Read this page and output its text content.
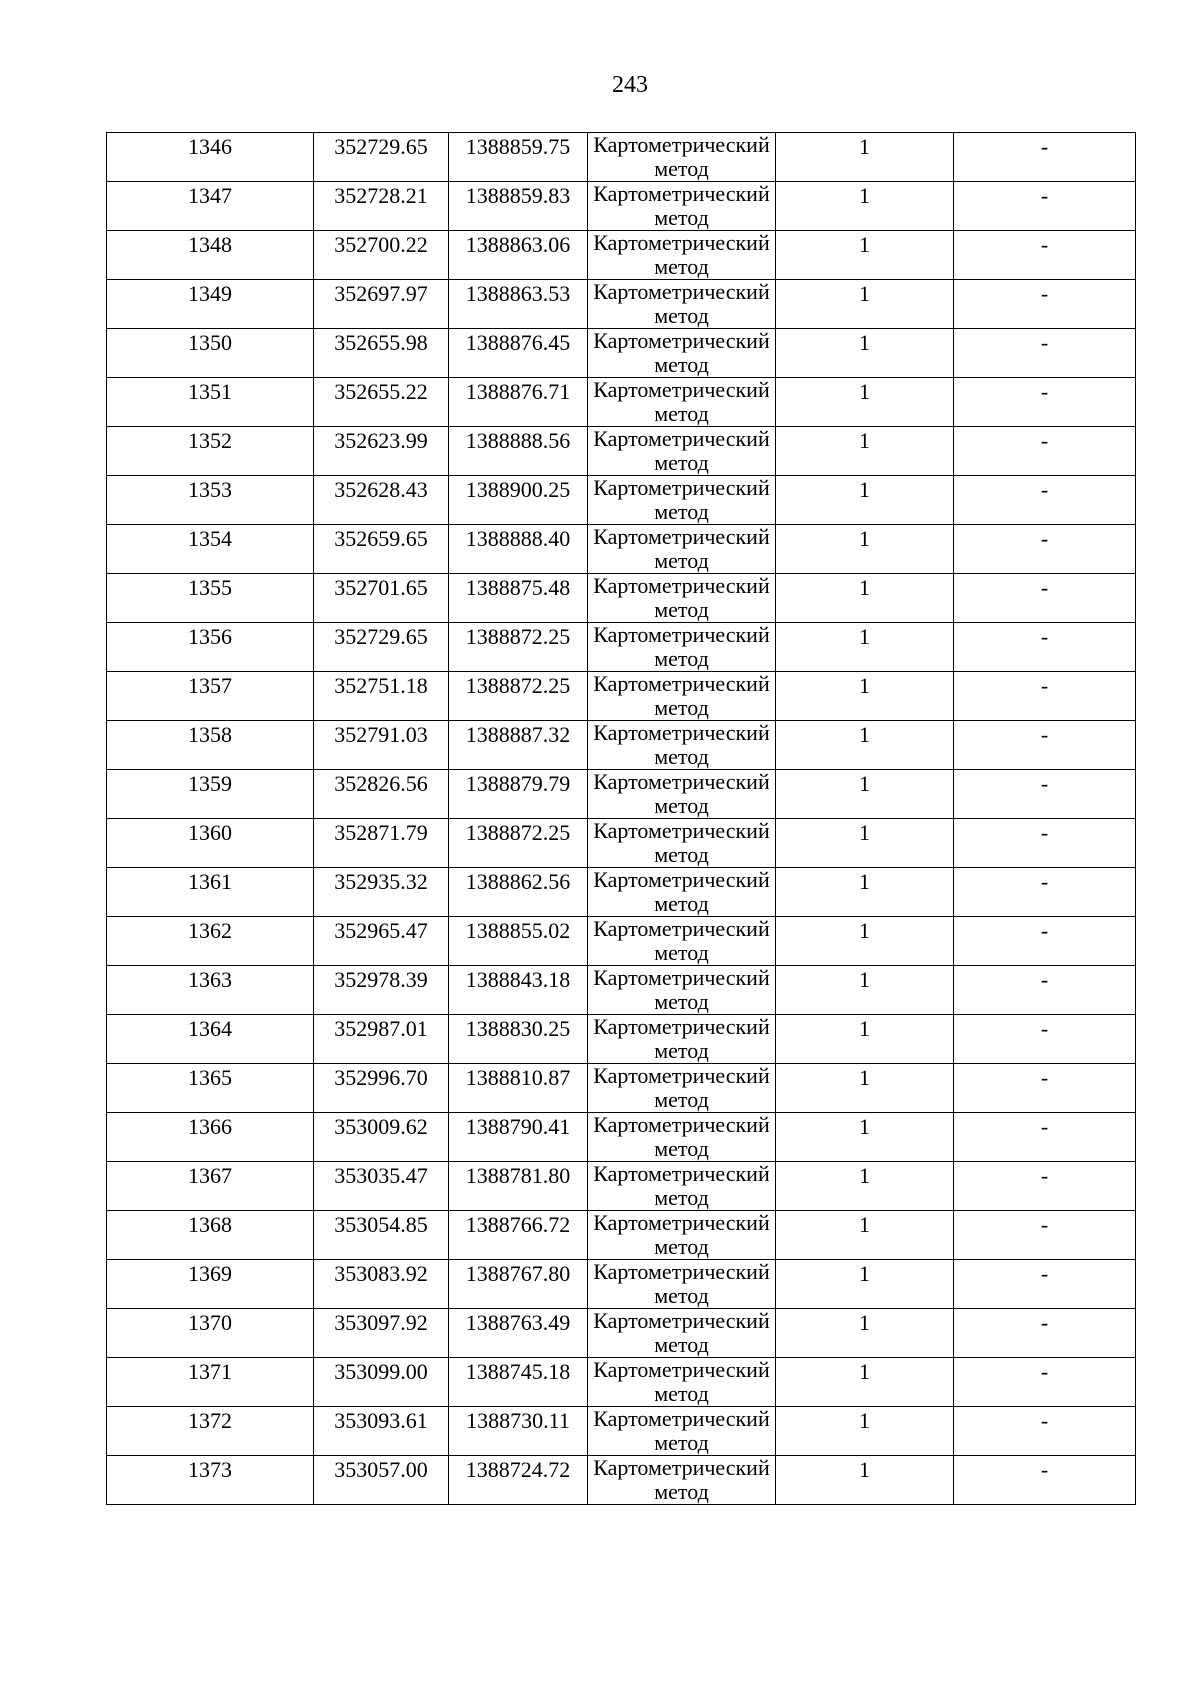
243
1346	352729.65	1388859.75	Картометрический метод	1	-
1347	352728.21	1388859.83	Картометрический метод	1	-
1348	352700.22	1388863.06	Картометрический метод	1	-
1349	352697.97	1388863.53	Картометрический метод	1	-
1350	352655.98	1388876.45	Картометрический метод	1	-
1351	352655.22	1388876.71	Картометрический метод	1	-
1352	352623.99	1388888.56	Картометрический метод	1	-
1353	352628.43	1388900.25	Картометрический метод	1	-
1354	352659.65	1388888.40	Картометрический метод	1	-
1355	352701.65	1388875.48	Картометрический метод	1	-
1356	352729.65	1388872.25	Картометрический метод	1	-
1357	352751.18	1388872.25	Картометрический метод	1	-
1358	352791.03	1388887.32	Картометрический метод	1	-
1359	352826.56	1388879.79	Картометрический метод	1	-
1360	352871.79	1388872.25	Картометрический метод	1	-
1361	352935.32	1388862.56	Картометрический метод	1	-
1362	352965.47	1388855.02	Картометрический метод	1	-
1363	352978.39	1388843.18	Картометрический метод	1	-
1364	352987.01	1388830.25	Картометрический метод	1	-
1365	352996.70	1388810.87	Картометрический метод	1	-
1366	353009.62	1388790.41	Картометрический метод	1	-
1367	353035.47	1388781.80	Картометрический метод	1	-
1368	353054.85	1388766.72	Картометрический метод	1	-
1369	353083.92	1388767.80	Картометрический метод	1	-
1370	353097.92	1388763.49	Картометрический метод	1	-
1371	353099.00	1388745.18	Картометрический метод	1	-
1372	353093.61	1388730.11	Картометрический метод	1	-
1373	353057.00	1388724.72	Картометрический метод	1	-
